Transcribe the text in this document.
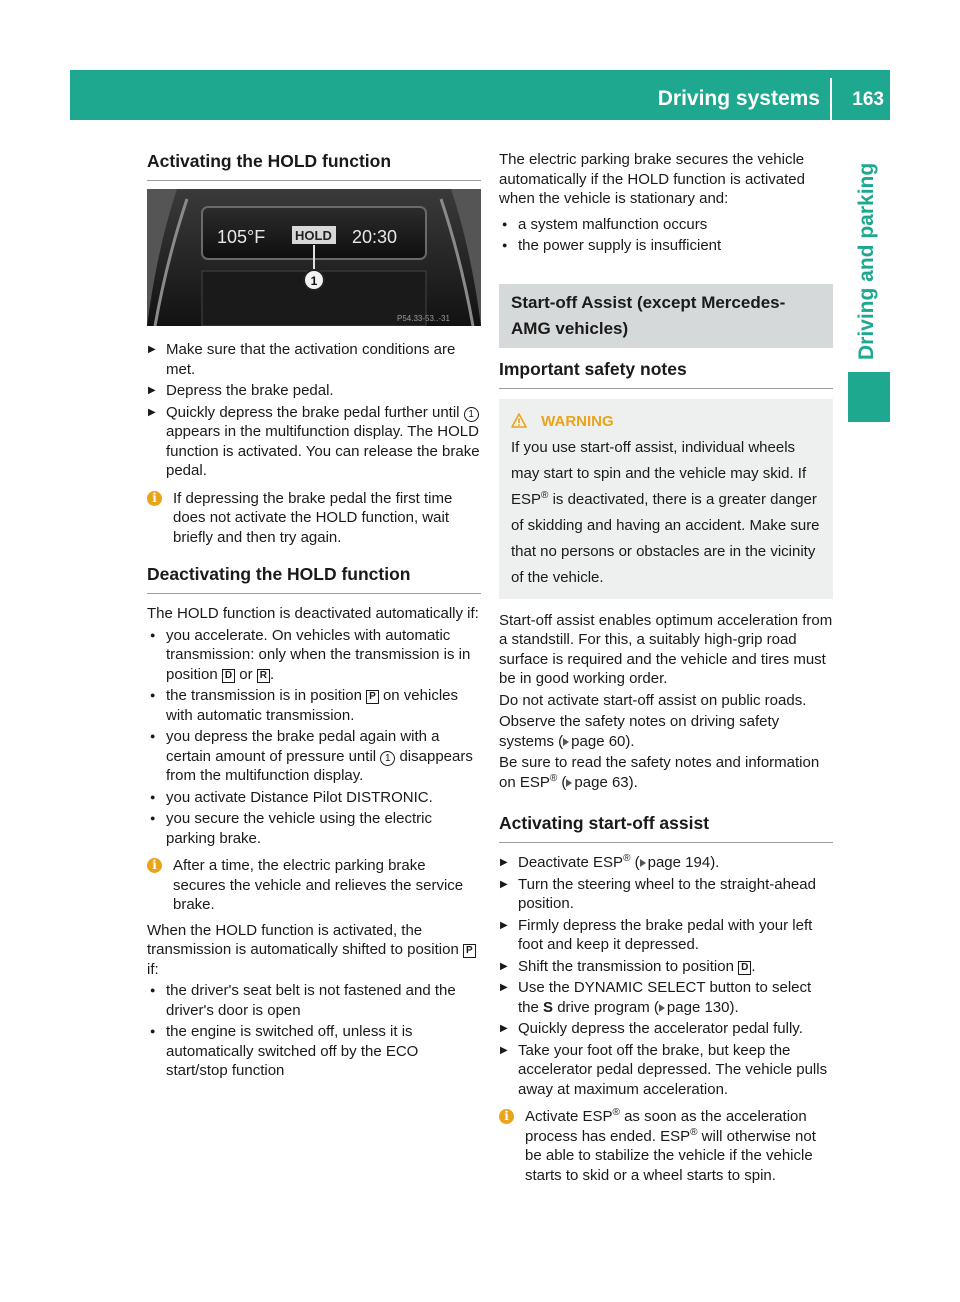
Driving systems 163
Driving and parking
Activating the HOLD function
105°F HOLD 20:30
1
P54.33-53..-31
▶ Make sure that the activation conditions are met.
▶ Depress the brake pedal.
▶ Quickly depress the brake pedal further until 1 appears in the multifunction display. The HOLD function is activated. You can release the brake pedal.
i	If depressing the brake pedal the first time does not activate the HOLD function, wait briefly and then try again.
Deactivating the HOLD function

The HOLD function is deactivated automatically if:

● you accelerate. On vehicles with automatic transmission: only when the transmission is in position D or R .
● the transmission is in position P on vehicles with automatic transmission.
● you depress the brake pedal again with a certain amount of pressure until 1 disappears from the multifunction display.
● you activate Distance Pilot DISTRONIC.
● you secure the vehicle using the electric parking brake.
i	After a time, the electric parking brake secures the vehicle and relieves the service brake.

When the HOLD function is activated, the transmission is automatically shifted to position P
if:

● the driver's seat belt is not fastened and the driver's door is open
● the engine is switched off, unless it is automatically switched off by the ECO start/stop function

The electric parking brake secures the vehicle automatically if the HOLD function is activated when the vehicle is stationary and:

● a system malfunction occurs
● the power supply is insufficient
Start-off Assist (except Mercedes-AMG vehicles)
Important safety notes
WARNING
If you use start-off assist, individual wheels may start to spin and the vehicle may skid. If ESP® is deactivated, there is a greater danger of skidding and having an accident. Make sure that no persons or obstacles are in the vicinity of the vehicle.

Start-off assist enables optimum acceleration from a standstill. For this, a suitably high-grip road surface is required and the vehicle and tires must be in good working order.

Do not activate start-off assist on public roads.

Observe the safety notes on driving safety systems ( page 60).

Be sure to read the safety notes and information on ESP® ( page 63).

Activating start-off assist
▶ Deactivate ESP® ( page 194).
▶ Turn the steering wheel to the straight-ahead position.
▶ Firmly depress the brake pedal with your left foot and keep it depressed.
▶ Shift the transmission to position D .
▶ Use the DYNAMIC SELECT button to select the S drive program ( page 130).
▶ Quickly depress the accelerator pedal fully.
▶ Take your foot off the brake, but keep the accelerator pedal depressed. The vehicle pulls away at maximum acceleration.
i	Activate ESP® as soon as the acceleration process has ended. ESP® will otherwise not be able to stabilize the vehicle if the vehicle starts to skid or a wheel starts to spin.
